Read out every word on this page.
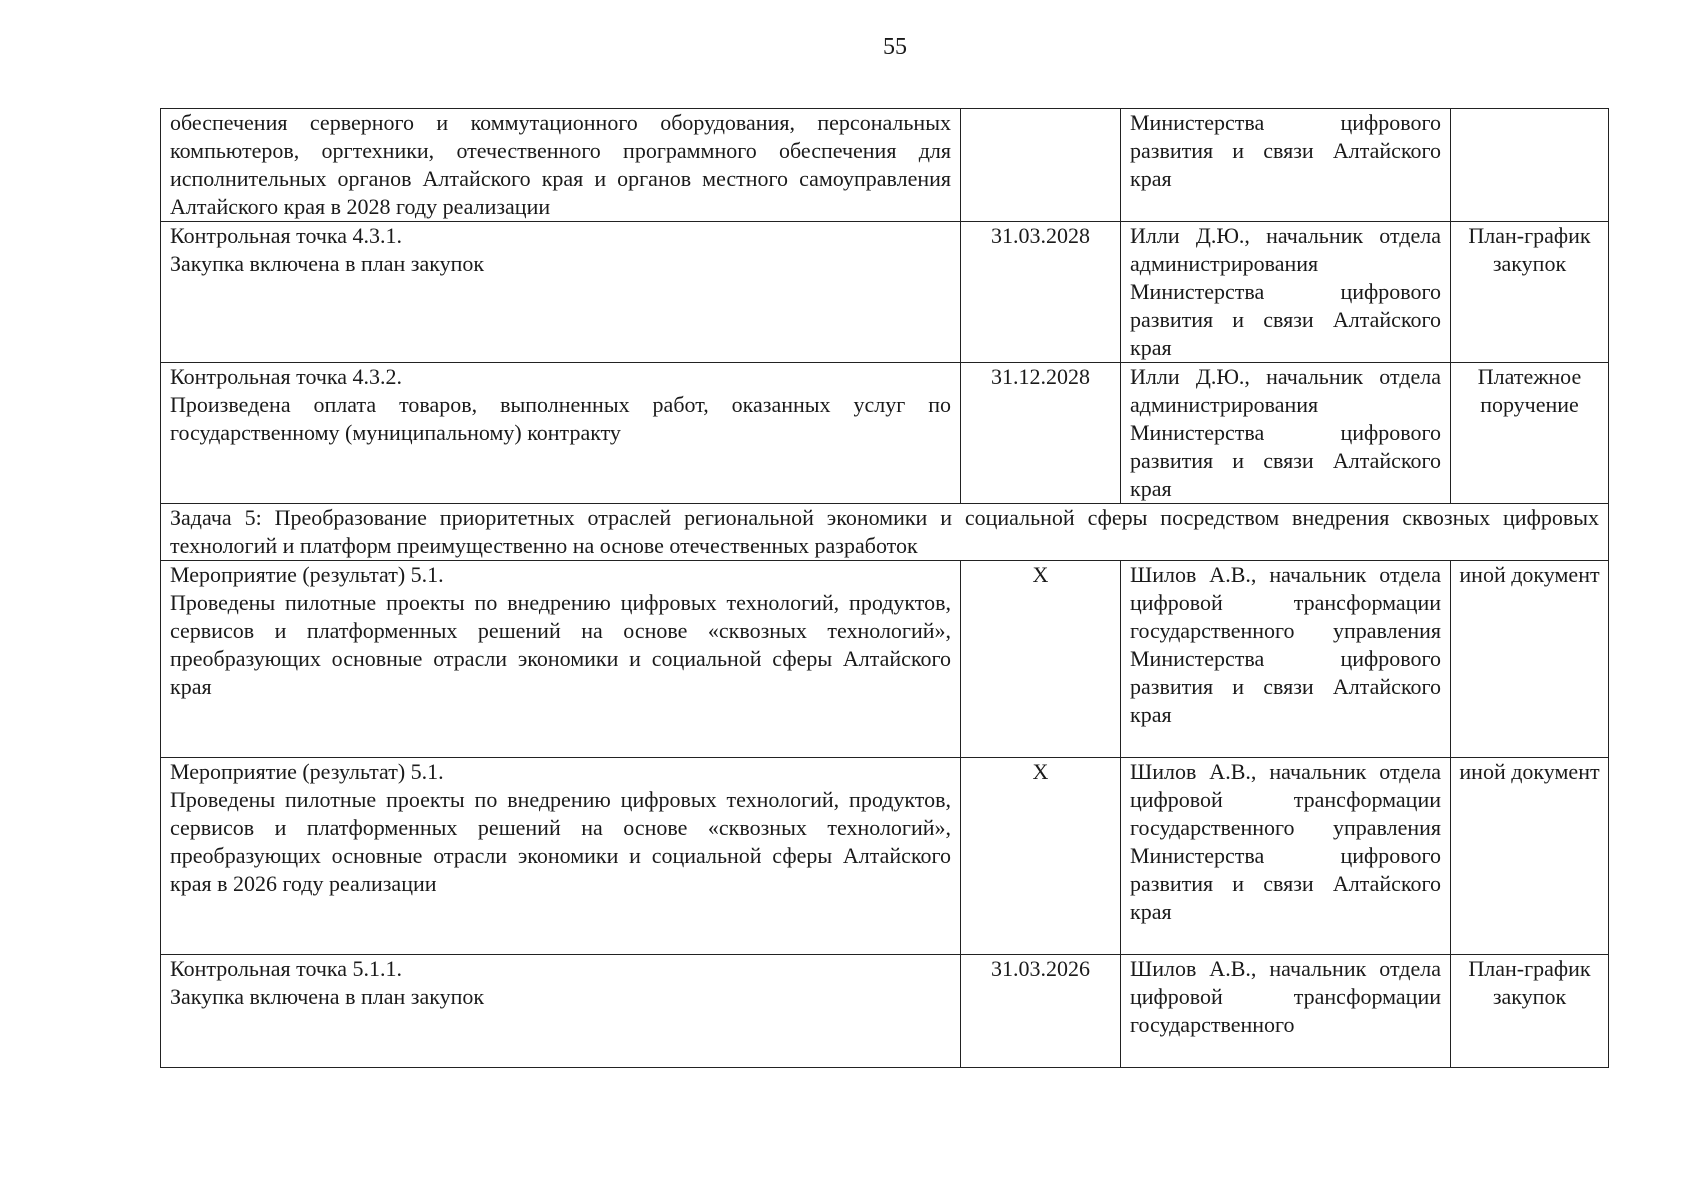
55
обеспечения серверного и коммутационного оборудования, персональных компьютеров, оргтехники, отечественного программного обеспечения для исполнительных органов Алтайского края и органов местного самоуправления Алтайского края в 2028 году реализации		Министерства цифрового развития и связи Алтайского края	

Контрольная точка 4.3.1.
Закупка включена в план закупок	31.03.2028	Илли Д.Ю., начальник отдела администрирования Министерства цифрового развития и связи Алтайского края	План-график закупок

Контрольная точка 4.3.2.
Произведена оплата товаров, выполненных работ, оказанных услуг по государственному (муниципальному) контракту	31.12.2028	Илли Д.Ю., начальник отдела администрирования Министерства цифрового развития и связи Алтайского края	Платежное поручение
Задача 5: Преобразование приоритетных отраслей региональной экономики и социальной сферы посредством внедрения сквозных цифровых технологий и платформ преимущественно на основе отечественных разработок			

Мероприятие (результат) 5.1.
Проведены пилотные проекты по внедрению цифровых технологий, продуктов, сервисов и платформенных решений на основе «сквозных технологий», преобразующих основные отрасли экономики и социальной сферы Алтайского края	X	Шилов А.В., начальник отдела цифровой трансформации государственного управления Министерства цифрового развития и связи Алтайского края	иной документ

Мероприятие (результат) 5.1.
Проведены пилотные проекты по внедрению цифровых технологий, продуктов, сервисов и платформенных решений на основе «сквозных технологий», преобразующих основные отрасли экономики и социальной сферы Алтайского края в 2026 году реализации	X	Шилов А.В., начальник отдела цифровой трансформации государственного управления Министерства цифрового развития и связи Алтайского края	иной документ

Контрольная точка 5.1.1.
Закупка включена в план закупок	31.03.2026	Шилов А.В., начальник отдела цифровой трансформации государственного	План-график закупок
